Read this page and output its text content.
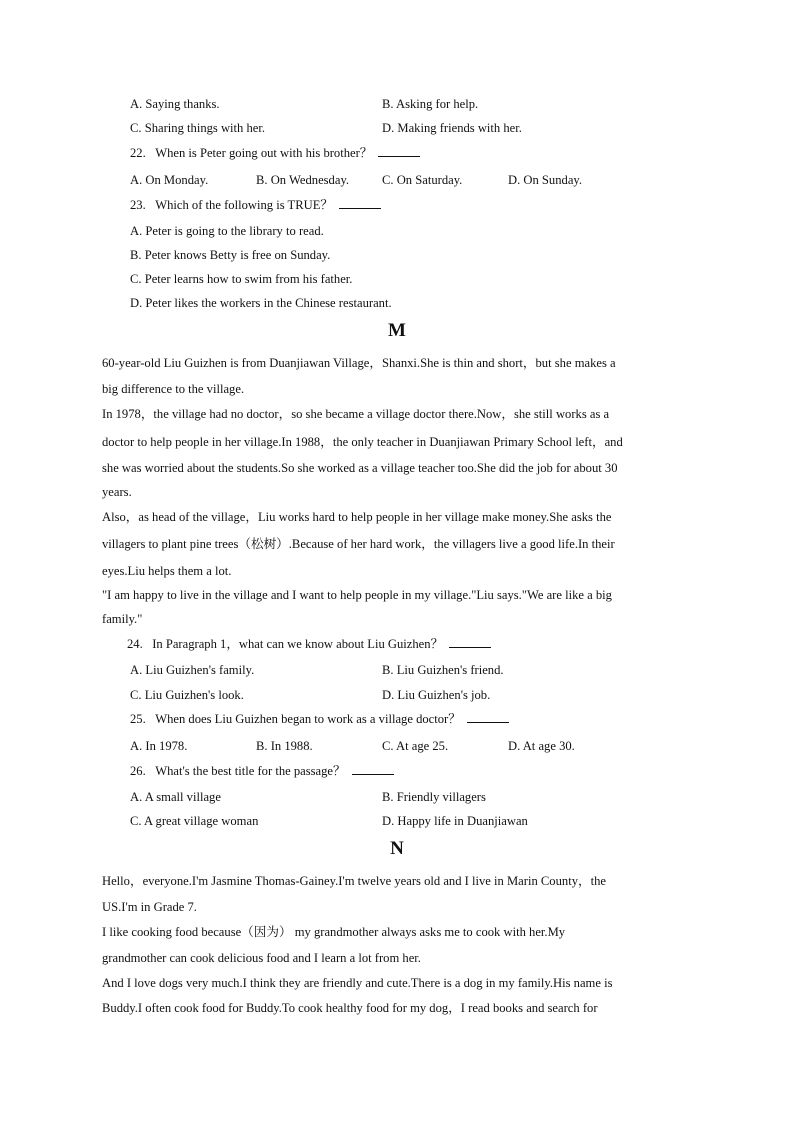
A. Saying thanks.	B. Asking for help.
C. Sharing things with her.	D. Making friends with her.
22.   When is Peter going out with his brother？
A. On Monday.	B. On Wednesday.	C. On Saturday.	D. On Sunday.
23.   Which of the following is TRUE？
A. Peter is going to the library to read.
B. Peter knows Betty is free on Sunday.
C. Peter learns how to swim from his father.
D. Peter likes the workers in the Chinese restaurant.
M
60-year-old Liu Guizhen is from Duanjiawan Village，Shanxi.She is thin and short，but she makes a
big difference to the village.
In 1978，the village had no doctor，so she became a village doctor there.Now，she still works as a
doctor to help people in her village.In 1988，the only teacher in Duanjiawan Primary School left，and
she was worried about the students.So she worked as a village teacher too.She did the job for about 30
years.
Also，as head of the village，Liu works hard to help people in her village make money.She asks the
villagers to plant pine trees（松树）.Because of her hard work，the villagers live a good life.In their
eyes.Liu helps them a lot.
"I am happy to live in the village and I want to help people in my village."Liu says."We are like a big
family."
24.   In Paragraph 1，what can we know about Liu Guizhen？
A. Liu Guizhen's family.	B. Liu Guizhen's friend.
C. Liu Guizhen's look.	D. Liu Guizhen's job.
25.   When does Liu Guizhen began to work as a village doctor？
A. In 1978.	B. In 1988.	C. At age 25.	D. At age 30.
26.   What's the best title for the passage？
A. A small village	B. Friendly villagers
C. A great village woman	D. Happy life in Duanjiawan
N
Hello，everyone.I'm Jasmine Thomas-Gainey.I'm twelve years old and I live in Marin County，the
US.I'm in Grade 7.
I like cooking food because（因为） my grandmother always asks me to cook with her.My
grandmother can cook delicious food and I learn a lot from her.
And I love dogs very much.I think they are friendly and cute.There is a dog in my family.His name is
Buddy.I often cook food for Buddy.To cook healthy food for my dog，I read books and search for
